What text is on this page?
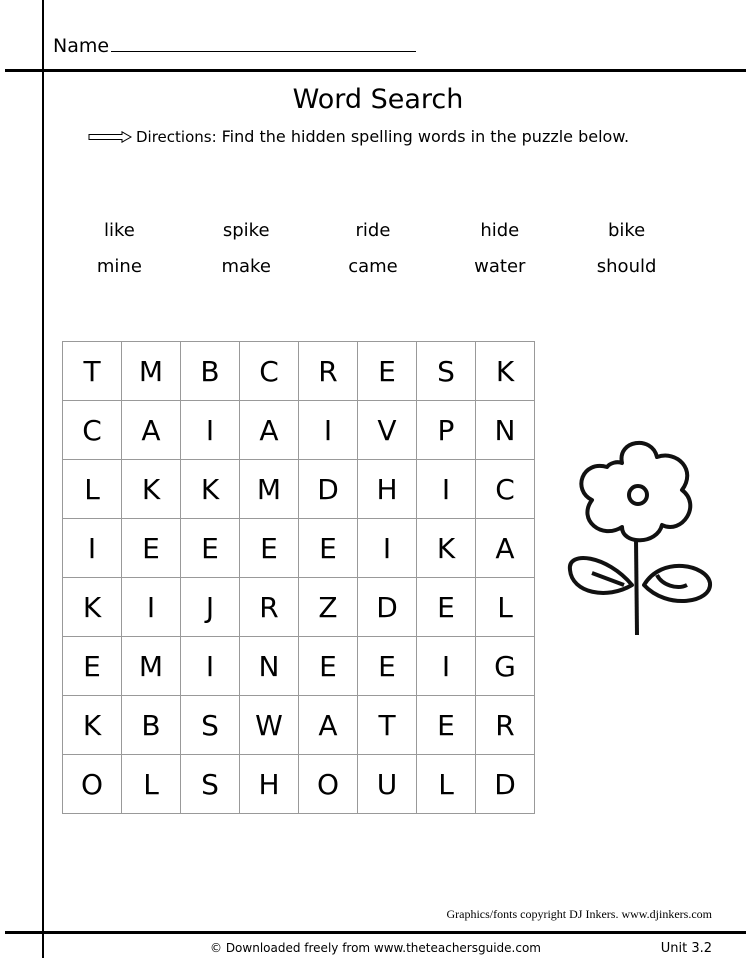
Name
Word Search
Directions: Find the hidden spelling words in the puzzle below.
like	spike	ride	hide	bike
mine	make	came	water	should
T	M	B	C	R	E	S	K
C	A	I	A	I	V	P	N
L	K	K	M	D	H	I	C
I	E	E	E	E	I	K	A
K	I	J	R	Z	D	E	L
E	M	I	N	E	E	I	G
K	B	S	W	A	T	E	R
O	L	S	H	O	U	L	D
Graphics/fonts copyright DJ Inkers. www.djinkers.com
© Downloaded freely from www.theteachersguide.com	Unit 3.2
